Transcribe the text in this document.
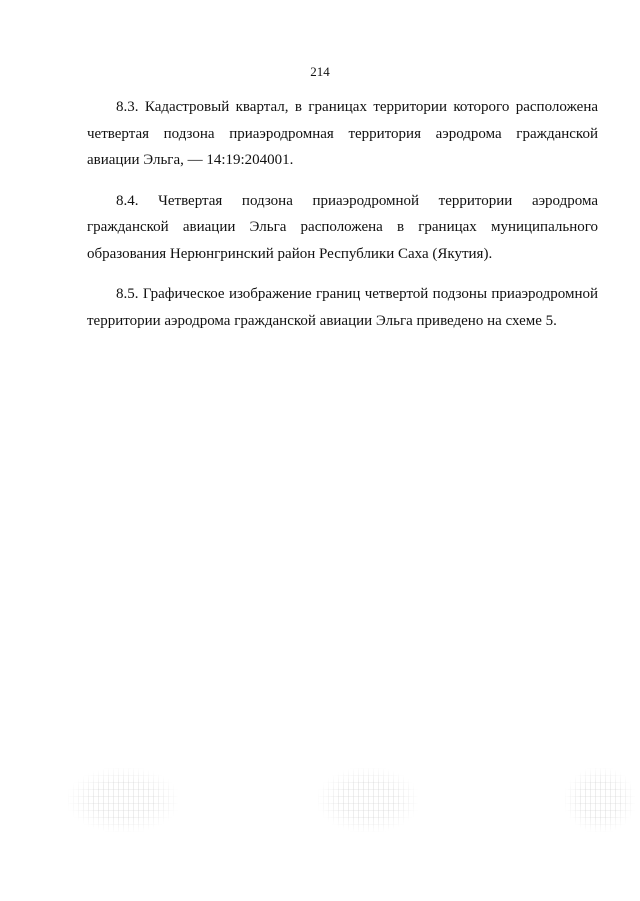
214

8.3. Кадастровый квартал, в границах территории которого расположена четвертая подзона приаэродромная территория аэродрома гражданской авиации Эльга, — 14:19:204001.

8.4. Четвертая подзона приаэродромной территории аэродрома гражданской авиации Эльга расположена в границах муниципального образования Нерюнгринский район Республики Саха (Якутия).

8.5. Графическое изображение границ четвертой подзоны приаэродромной территории аэродрома гражданской авиации Эльга приведено на схеме 5.
